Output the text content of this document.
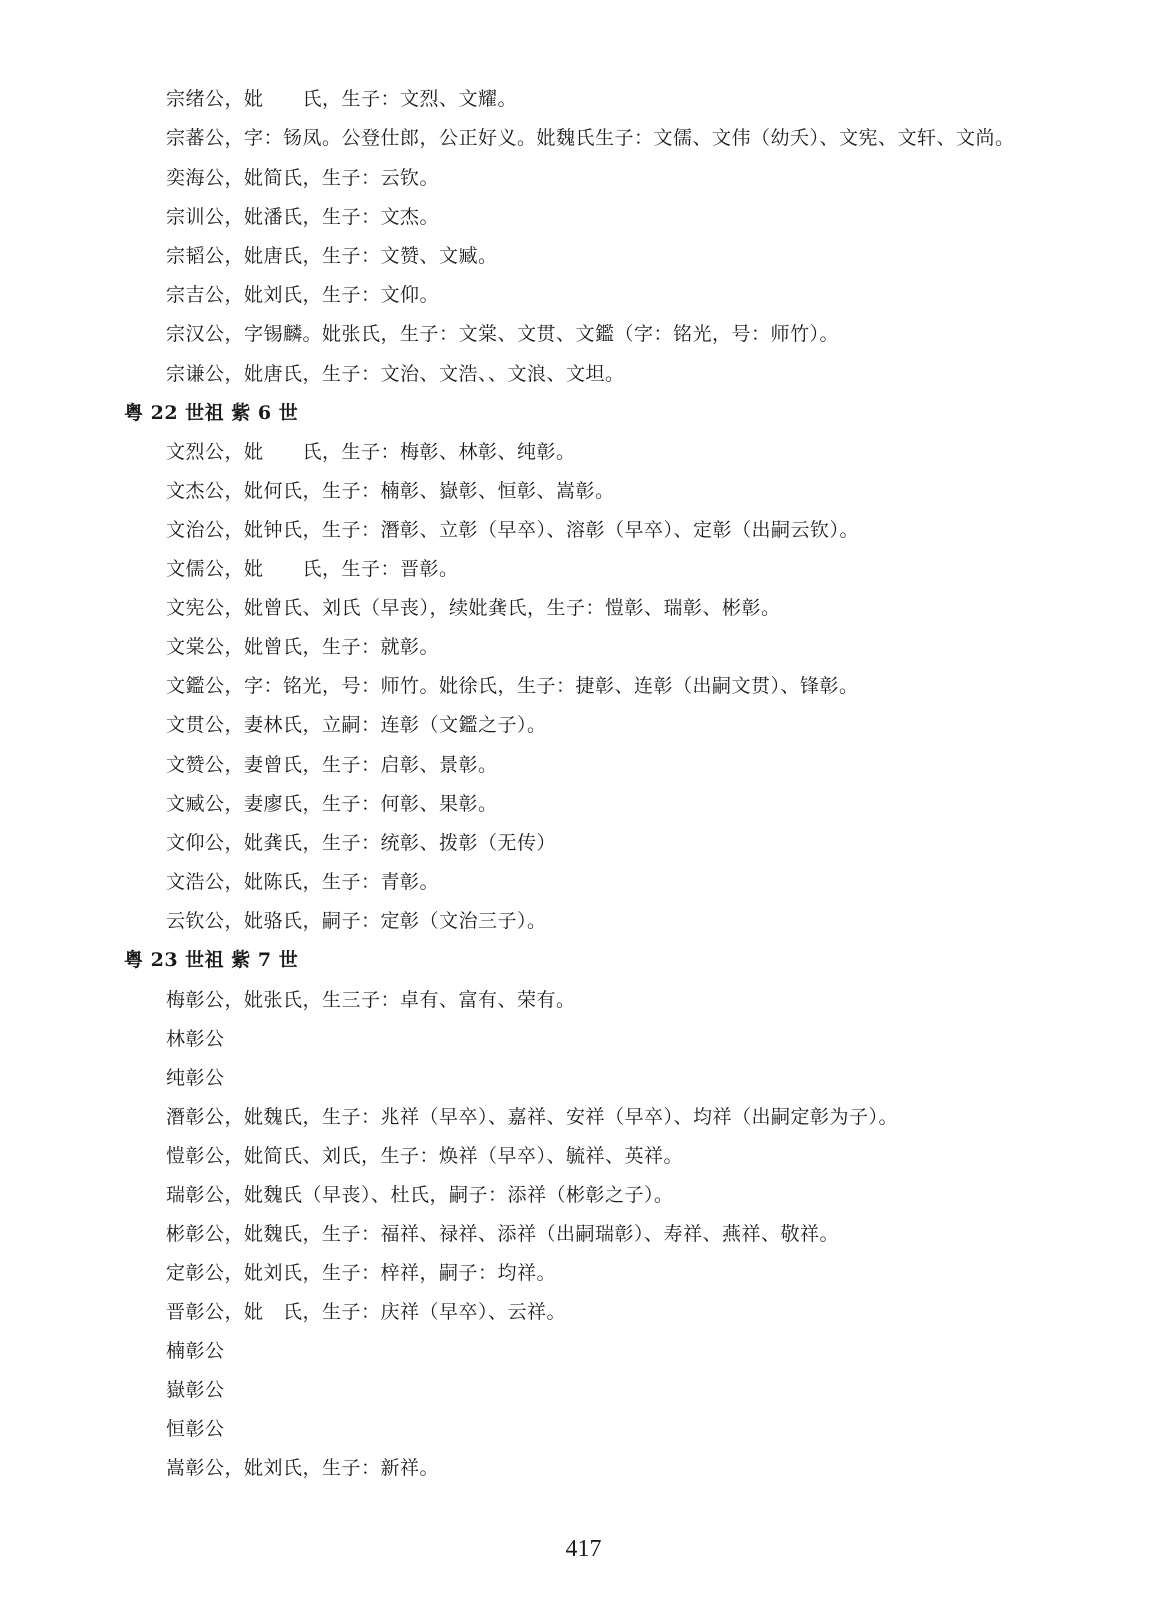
宗绪公，妣　　氏，生子：文烈、文耀。
宗蕃公，字：钖凤。公登仕郎，公正好义。妣魏氏生子：文儒、文伟（幼夭）、文宪、文轩、文尚。
奕海公，妣简氏，生子：云钦。
宗训公，妣潘氏，生子：文杰。
宗韬公，妣唐氏，生子：文赞、文臧。
宗吉公，妣刘氏，生子：文仰。
宗汉公，字锡麟。妣张氏，生子：文棠、文贯、文鑑（字：铭光，号：师竹）。
宗谦公，妣唐氏，生子：文治、文浩、、文浪、文坦。
粤 22 世祖 紫 6 世
文烈公，妣　　氏，生子：梅彰、林彰、纯彰。
文杰公，妣何氏，生子：楠彰、嶽彰、恒彰、嵩彰。
文治公，妣钟氏，生子：潛彰、立彰（早卒）、溶彰（早卒）、定彰（出嗣云钦）。
文儒公，妣　　氏，生子：晋彰。
文宪公，妣曾氏、刘氏（早丧），续妣龚氏，生子：愷彰、瑞彰、彬彰。
文棠公，妣曾氏，生子：就彰。
文鑑公，字：铭光，号：师竹。妣徐氏，生子：捷彰、连彰（出嗣文贯）、锋彰。
文贯公，妻林氏，立嗣：连彰（文鑑之子）。
文赞公，妻曾氏，生子：启彰、景彰。
文臧公，妻廖氏，生子：何彰、果彰。
文仰公，妣龚氏，生子：统彰、拨彰（无传）
文浩公，妣陈氏，生子：青彰。
云钦公，妣骆氏，嗣子：定彰（文治三子）。
粤 23 世祖 紫 7 世
梅彰公，妣张氏，生三子：卓有、富有、荣有。
林彰公
纯彰公
潛彰公，妣魏氏，生子：兆祥（早卒）、嘉祥、安祥（早卒）、均祥（出嗣定彰为子）。
愷彰公，妣简氏、刘氏，生子：焕祥（早卒）、毓祥、英祥。
瑞彰公，妣魏氏（早丧）、杜氏，嗣子：添祥（彬彰之子）。
彬彰公，妣魏氏，生子：福祥、禄祥、添祥（出嗣瑞彰）、寿祥、燕祥、敬祥。
定彰公，妣刘氏，生子：梓祥，嗣子：均祥。
晋彰公，妣　氏，生子：庆祥（早卒）、云祥。
楠彰公
嶽彰公
恒彰公
嵩彰公，妣刘氏，生子：新祥。
417
